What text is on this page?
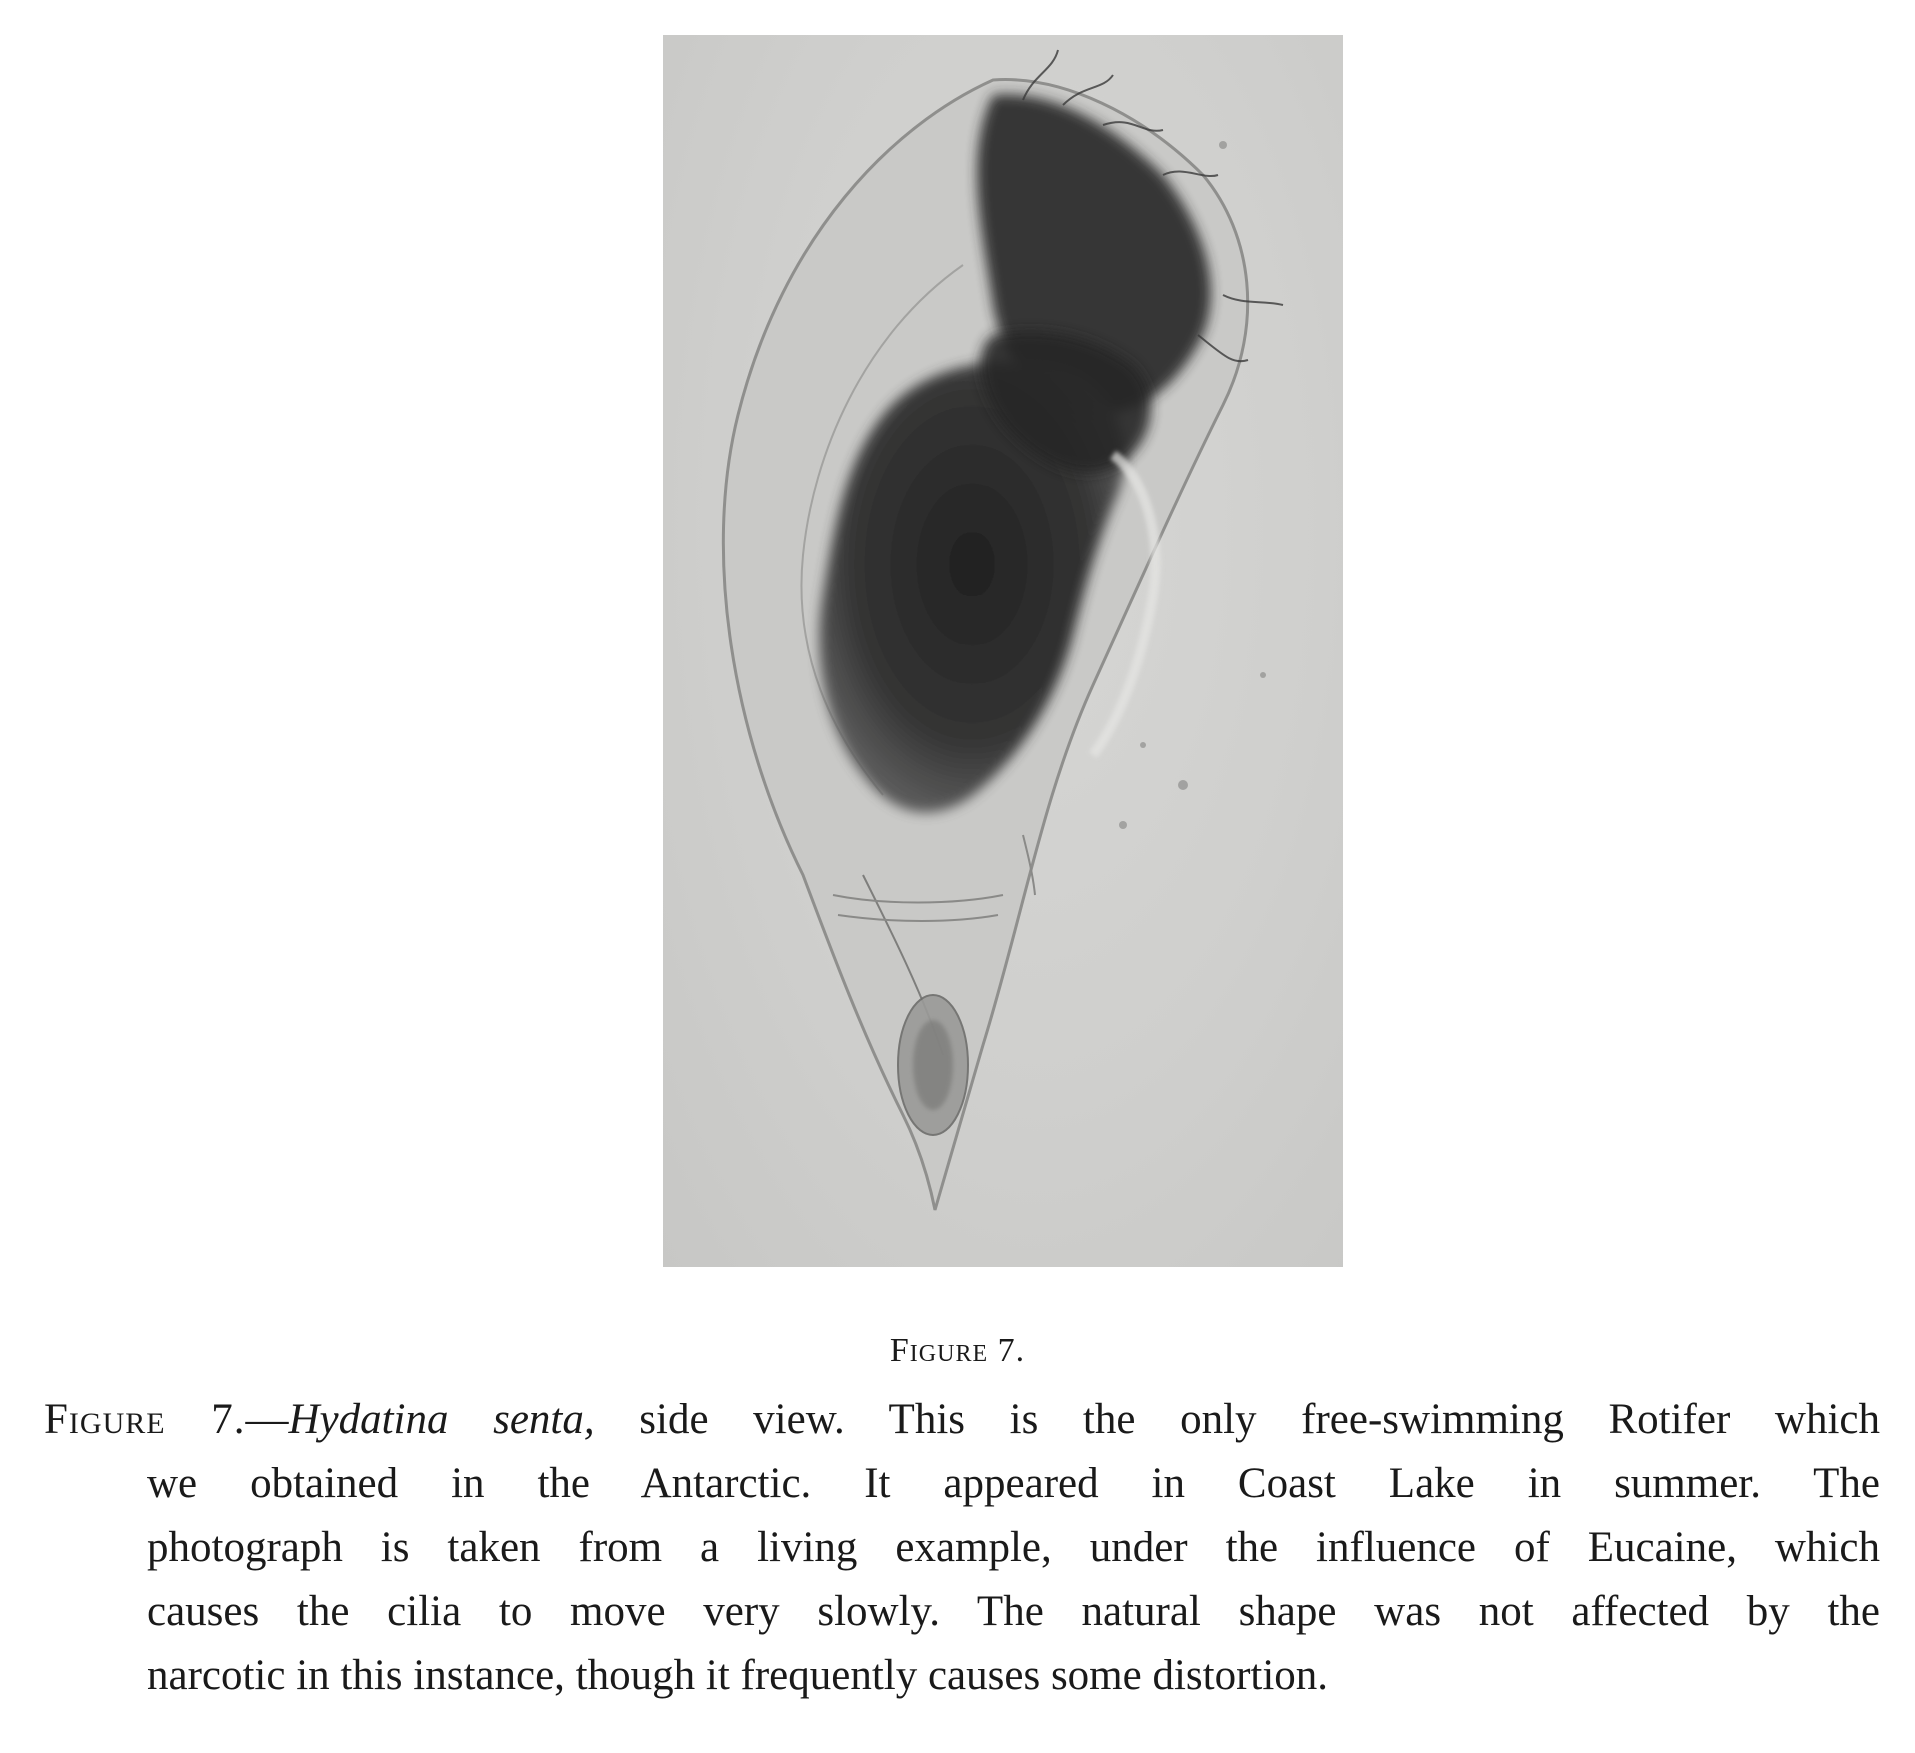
Figure 7.
Figure 7.—Hydatina senta, side view. This is the only free-swimming Rotifer which
we obtained in the Antarctic. It appeared in Coast Lake in summer. The
photograph is taken from a living example, under the influence of Eucaine, which
causes the cilia to move very slowly. The natural shape was not affected by the
narcotic in this instance, though it frequently causes some distortion.
